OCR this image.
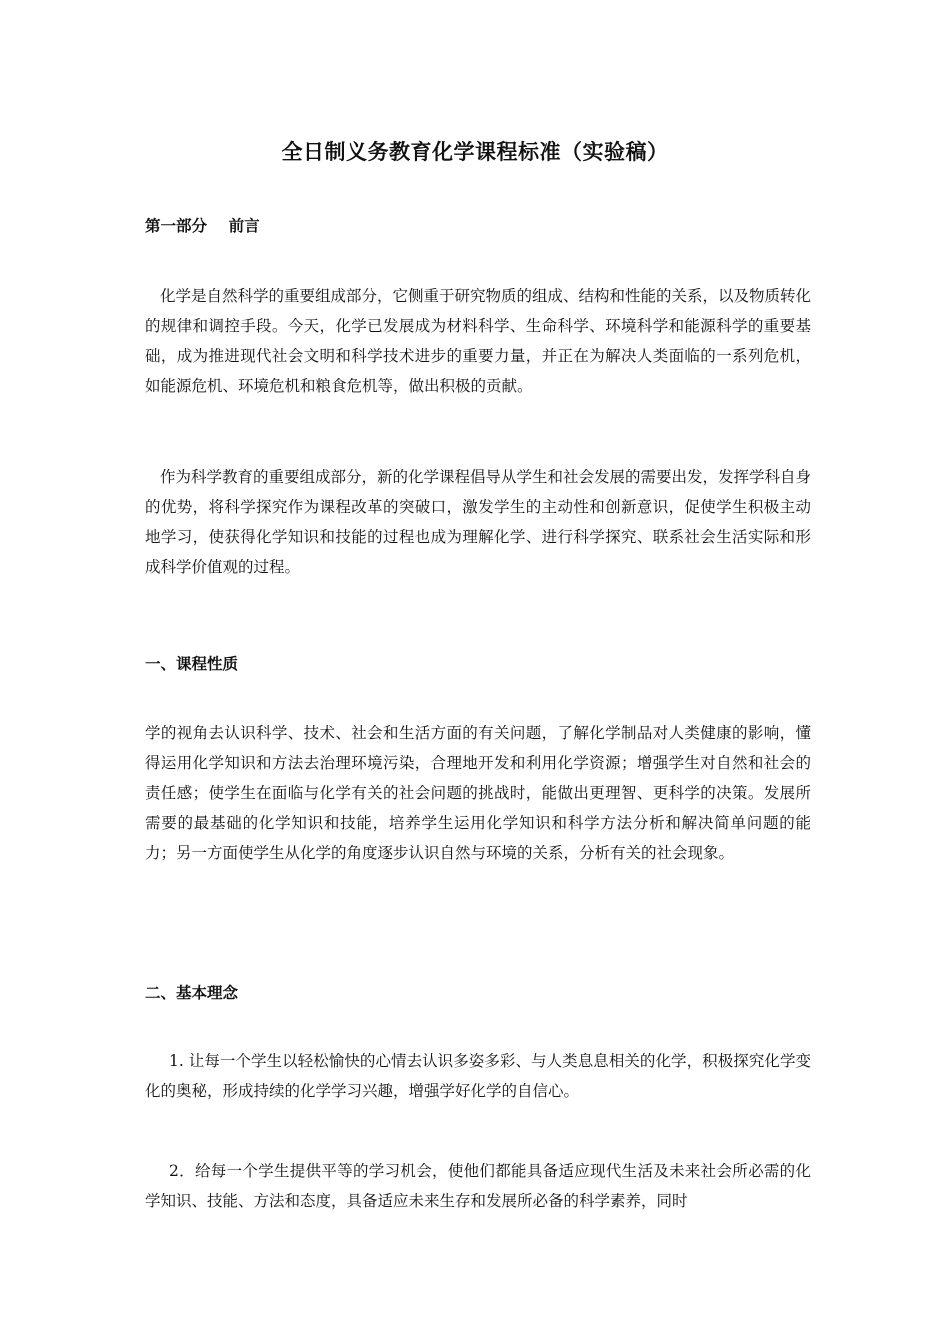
全日制义务教育化学课程标准（实验稿）
第一部分    前言
化学是自然科学的重要组成部分，它侧重于研究物质的组成、结构和性能的关系，以及物质转化的规律和调控手段。今天，化学已发展成为材料科学、生命科学、环境科学和能源科学的重要基础，成为推进现代社会文明和科学技术进步的重要力量，并正在为解决人类面临的一系列危机，如能源危机、环境危机和粮食危机等，做出积极的贡献。
作为科学教育的重要组成部分，新的化学课程倡导从学生和社会发展的需要出发，发挥学科自身的优势，将科学探究作为课程改革的突破口，激发学生的主动性和创新意识，促使学生积极主动地学习，使获得化学知识和技能的过程也成为理解化学、进行科学探究、联系社会生活实际和形成科学价值观的过程。
一、课程性质
学的视角去认识科学、技术、社会和生活方面的有关问题，了解化学制品对人类健康的影响，懂得运用化学知识和方法去治理环境污染，合理地开发和利用化学资源；增强学生对自然和社会的责任感；使学生在面临与化学有关的社会问题的挑战时，能做出更理智、更科学的决策。发展所需要的最基础的化学知识和技能，培养学生运用化学知识和科学方法分析和解决简单问题的能力；另一方面使学生从化学的角度逐步认识自然与环境的关系，分析有关的社会现象。
二、基本理念
1. 让每一个学生以轻松愉快的心情去认识多姿多彩、与人类息息相关的化学，积极探究化学变化的奥秘，形成持续的化学学习兴趣，增强学好化学的自信心。
2．给每一个学生提供平等的学习机会，使他们都能具备适应现代生活及未来社会所必需的化学知识、技能、方法和态度，具备适应未来生存和发展所必备的科学素养，同时
